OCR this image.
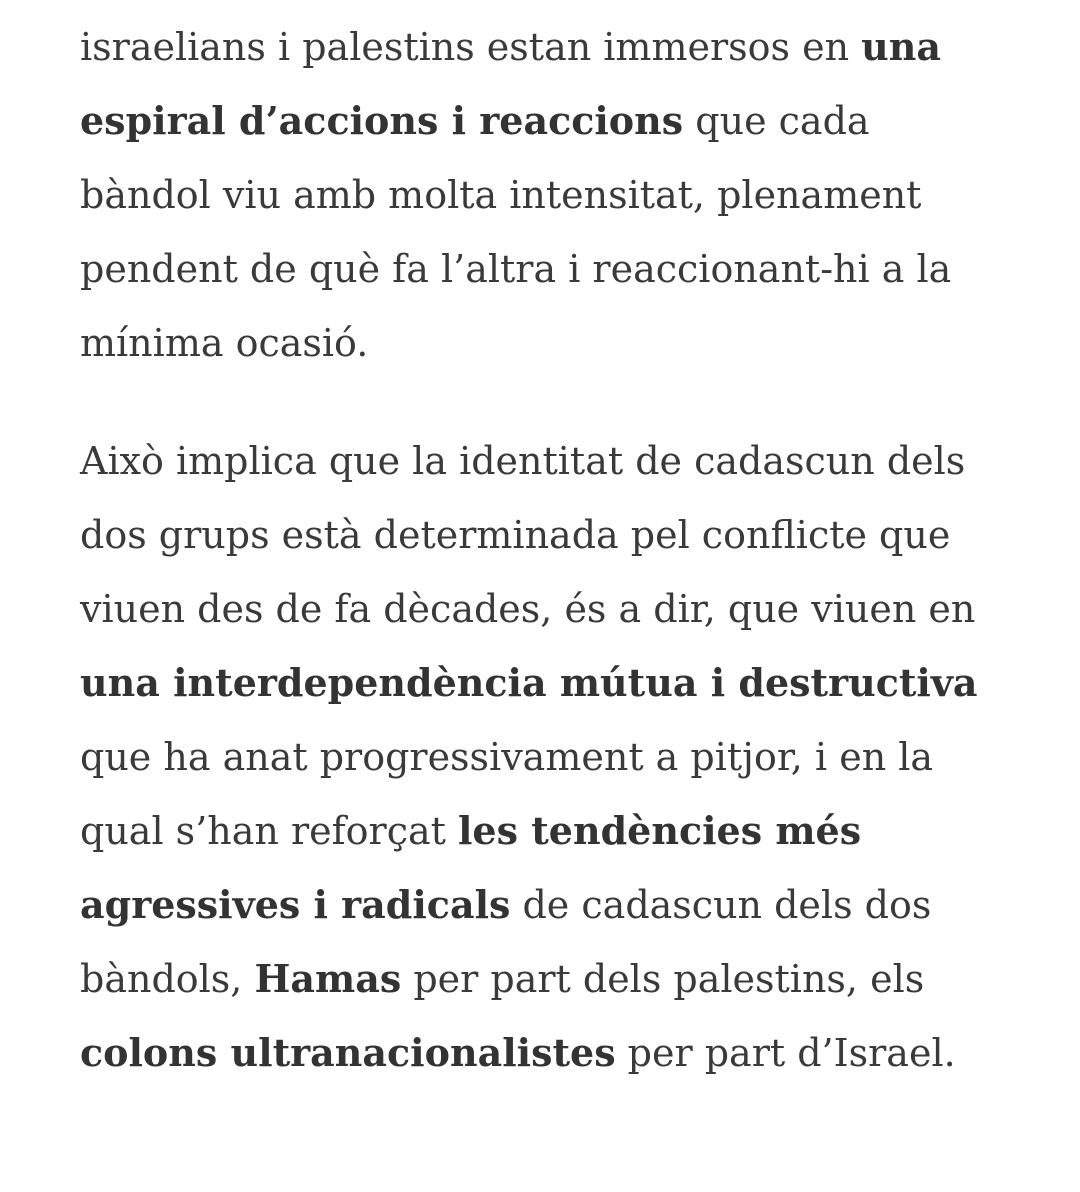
israelians i palestins estan immersos en una espiral d’accions i reaccions que cada bàndol viu amb molta intensitat, plenament pendent de què fa l’altra i reaccionant-hi a la mínima ocasió.

Això implica que la identitat de cadascun dels dos grups està determinada pel conflicte que viuen des de fa dècades, és a dir, que viuen en una interdependència mútua i destructiva que ha anat progressivament a pitjor, i en la qual s’han reforçat les tendències més agressives i radicals de cadascun dels dos bàndols, Hamas per part dels palestins, els colons ultranacionalistes per part d’Israel.
